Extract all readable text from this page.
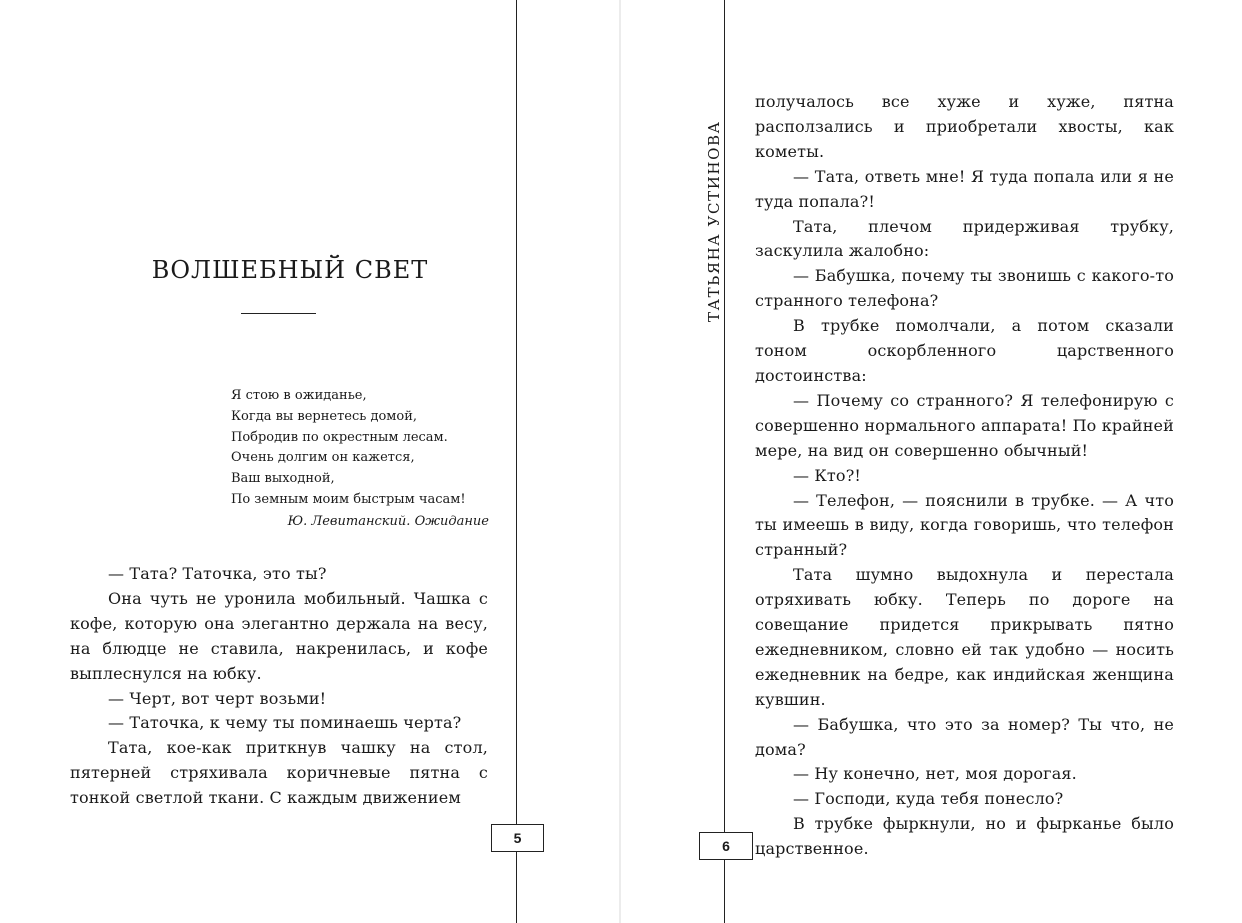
ВОЛШЕБНЫЙ СВЕТ
Я стою в ожиданье,
Когда вы вернетесь домой,
Побродив по окрестным лесам.
Очень долгим он кажется,
Ваш выходной,
По земным моим быстрым часам!
Ю. Левитанский. Ожидание

— Тата? Таточка, это ты?

Она чуть не уронила мобильный. Чашка с кофе, которую она элегантно держала на весу, на блюдце не ставила, накренилась, и кофе выплеснулся на юбку.

— Черт, вот черт возьми!

— Таточка, к чему ты поминаешь черта?

Тата, кое-как приткнув чашку на стол, пятерней стряхивала коричневые пятна с тонкой светлой ткани. С каждым движением

5
ТАТЬЯНА УСТИНОВА

получалось все хуже и хуже, пятна расползались и приобретали хвосты, как кометы.

— Тата, ответь мне! Я туда попала или я не туда попала?!

Тата, плечом придерживая трубку, заскулила жалобно:

— Бабушка, почему ты звонишь с какого-то странного телефона?

В трубке помолчали, а потом сказали тоном оскорбленного царственного достоинства:

— Почему со странного? Я телефонирую с совершенно нормального аппарата! По крайней мере, на вид он совершенно обычный!

— Кто?!

— Телефон, — пояснили в трубке. — А что ты имеешь в виду, когда говоришь, что телефон странный?

Тата шумно выдохнула и перестала отряхивать юбку. Теперь по дороге на совещание придется прикрывать пятно ежедневником, словно ей так удобно — носить ежедневник на бедре, как индийская женщина кувшин.

— Бабушка, что это за номер? Ты что, не дома?

— Ну конечно, нет, моя дорогая.

— Господи, куда тебя понесло?

В трубке фыркнули, но и фырканье было царственное.

6
